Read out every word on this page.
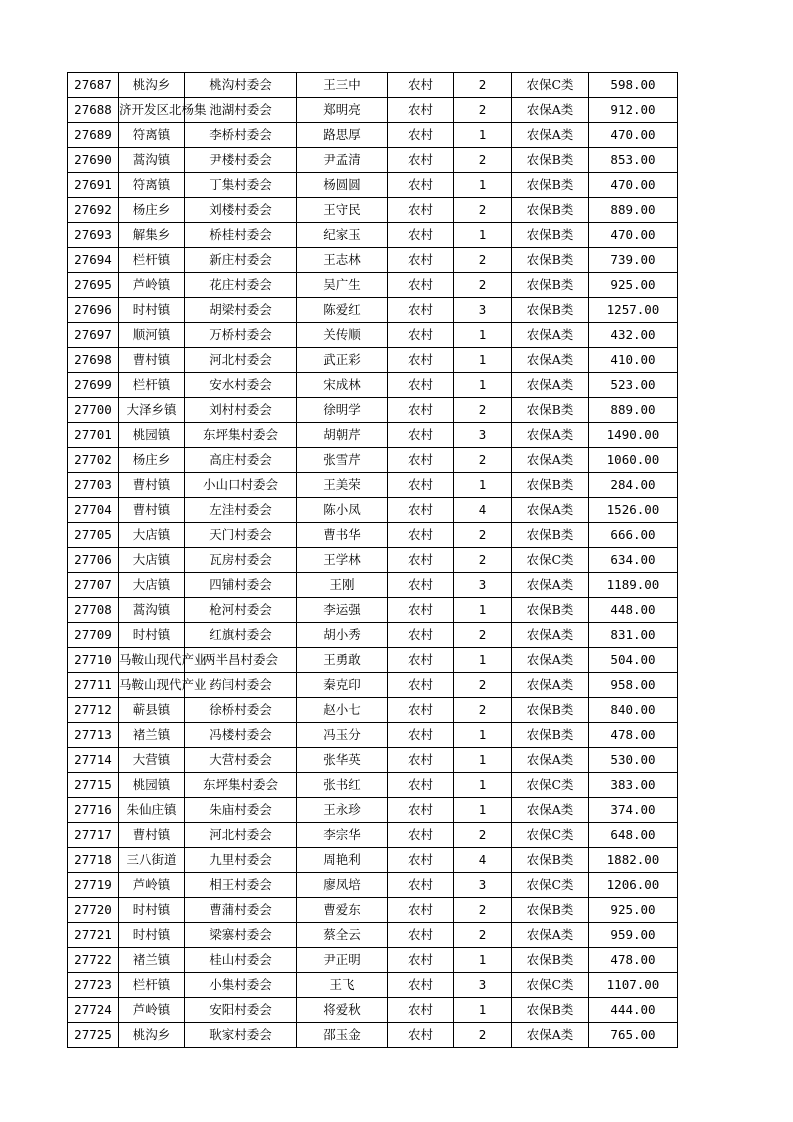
27687	桃沟乡	桃沟村委会	王三中	农村	2	农保C类	598.00
27688	济开发区北杨集	池湖村委会	郑明亮	农村	2	农保A类	912.00
27689	符离镇	李桥村委会	路思厚	农村	1	农保A类	470.00
27690	蒿沟镇	尹楼村委会	尹孟清	农村	2	农保B类	853.00
27691	符离镇	丁集村委会	杨圆圆	农村	1	农保B类	470.00
27692	杨庄乡	刘楼村委会	王守民	农村	2	农保B类	889.00
27693	解集乡	桥桂村委会	纪家玉	农村	1	农保B类	470.00
27694	栏杆镇	新庄村委会	王志林	农村	2	农保B类	739.00
27695	芦岭镇	花庄村委会	吴广生	农村	2	农保B类	925.00
27696	时村镇	胡梁村委会	陈爱红	农村	3	农保B类	1257.00
27697	顺河镇	万桥村委会	关传顺	农村	1	农保A类	432.00
27698	曹村镇	河北村委会	武正彩	农村	1	农保A类	410.00
27699	栏杆镇	安水村委会	宋成林	农村	1	农保A类	523.00
27700	大泽乡镇	刘村村委会	徐明学	农村	2	农保B类	889.00
27701	桃园镇	东坪集村委会	胡朝芹	农村	3	农保A类	1490.00
27702	杨庄乡	高庄村委会	张雪芹	农村	2	农保A类	1060.00
27703	曹村镇	小山口村委会	王美荣	农村	1	农保B类	284.00
27704	曹村镇	左洼村委会	陈小凤	农村	4	农保A类	1526.00
27705	大店镇	天门村委会	曹书华	农村	2	农保B类	666.00
27706	大店镇	瓦房村委会	王学林	农村	2	农保C类	634.00
27707	大店镇	四铺村委会	王刚	农村	3	农保A类	1189.00
27708	蒿沟镇	枪河村委会	李运强	农村	1	农保B类	448.00
27709	时村镇	红旗村委会	胡小秀	农村	2	农保A类	831.00
27710	马鞍山现代产业	两半昌村委会	王勇敢	农村	1	农保A类	504.00
27711	马鞍山现代产业	药闫村委会	秦克印	农村	2	农保A类	958.00
27712	蕲县镇	徐桥村委会	赵小七	农村	2	农保B类	840.00
27713	褚兰镇	冯楼村委会	冯玉分	农村	1	农保B类	478.00
27714	大营镇	大营村委会	张华英	农村	1	农保A类	530.00
27715	桃园镇	东坪集村委会	张书红	农村	1	农保C类	383.00
27716	朱仙庄镇	朱庙村委会	王永珍	农村	1	农保A类	374.00
27717	曹村镇	河北村委会	李宗华	农村	2	农保C类	648.00
27718	三八街道	九里村委会	周艳利	农村	4	农保B类	1882.00
27719	芦岭镇	相王村委会	廖凤培	农村	3	农保C类	1206.00
27720	时村镇	曹蒲村委会	曹爱东	农村	2	农保B类	925.00
27721	时村镇	梁寨村委会	蔡全云	农村	2	农保A类	959.00
27722	褚兰镇	桂山村委会	尹正明	农村	1	农保B类	478.00
27723	栏杆镇	小集村委会	王飞	农村	3	农保C类	1107.00
27724	芦岭镇	安阳村委会	将爱秋	农村	1	农保B类	444.00
27725	桃沟乡	耿家村委会	邵玉金	农村	2	农保A类	765.00
